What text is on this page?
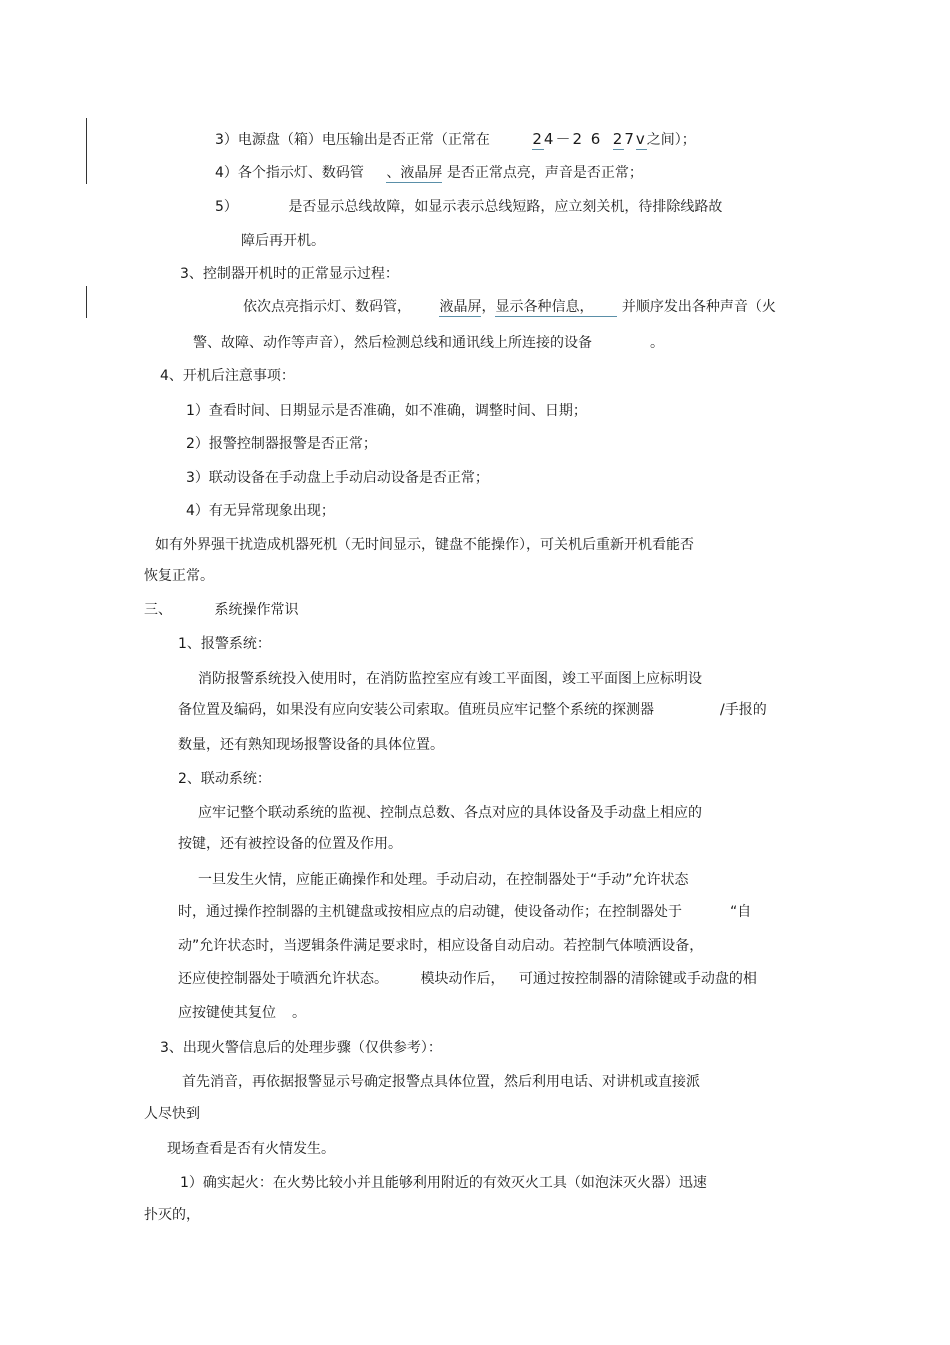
3）电源盘（箱）电压输出是否正常（正常在	24－2 6 27v之间）；
4）各个指示灯、数码管 、液晶屏 是否正常点亮，声音是否正常；
5）	是否显示总线故障，如显示表示总线短路，应立刻关机，待排除线路故
障后再开机。
3、控制器开机时的正常显示过程：
依次点亮指示灯、数码管， 液晶屏，显示各种信息， 并顺序发出各种声音（火
警、故障、动作等声音），然后检测总线和通讯线上所连接的设备	。
4、开机后注意事项：
1）查看时间、日期显示是否准确，如不准确，调整时间、日期；
2）报警控制器报警是否正常；
3）联动设备在手动盘上手动启动设备是否正常；
4）有无异常现象出现；
如有外界强干扰造成机器死机（无时间显示，键盘不能操作），可关机后重新开机看能否
恢复正常。
三、	系统操作常识
1、报警系统：
消防报警系统投入使用时，在消防监控室应有竣工平面图，竣工平面图上应标明设
备位置及编码，如果没有应向安装公司索取。值班员应牢记整个系统的探测器	/手报的
数量，还有熟知现场报警设备的具体位置。
2、联动系统：
应牢记整个联动系统的监视、控制点总数、各点对应的具体设备及手动盘上相应的
按键，还有被控设备的位置及作用。
一旦发生火情，应能正确操作和处理。手动启动，在控制器处于“手动”允许状态
时，通过操作控制器的主机键盘或按相应点的启动键，使设备动作；在控制器处于	“自
动”允许状态时，当逻辑条件满足要求时，相应设备自动启动。若控制气体喷洒设备，
还应使控制器处于喷洒允许状态。 模块动作后， 可通过按控制器的清除键或手动盘的相
应按键使其复位 。
3、出现火警信息后的处理步骤（仅供参考）：
首先消音，再依据报警显示号确定报警点具体位置，然后利用电话、对讲机或直接派
人尽快到
现场查看是否有火情发生。
1）确实起火：在火势比较小并且能够利用附近的有效灭火工具（如泡沫灭火器）迅速
扑灭的，
